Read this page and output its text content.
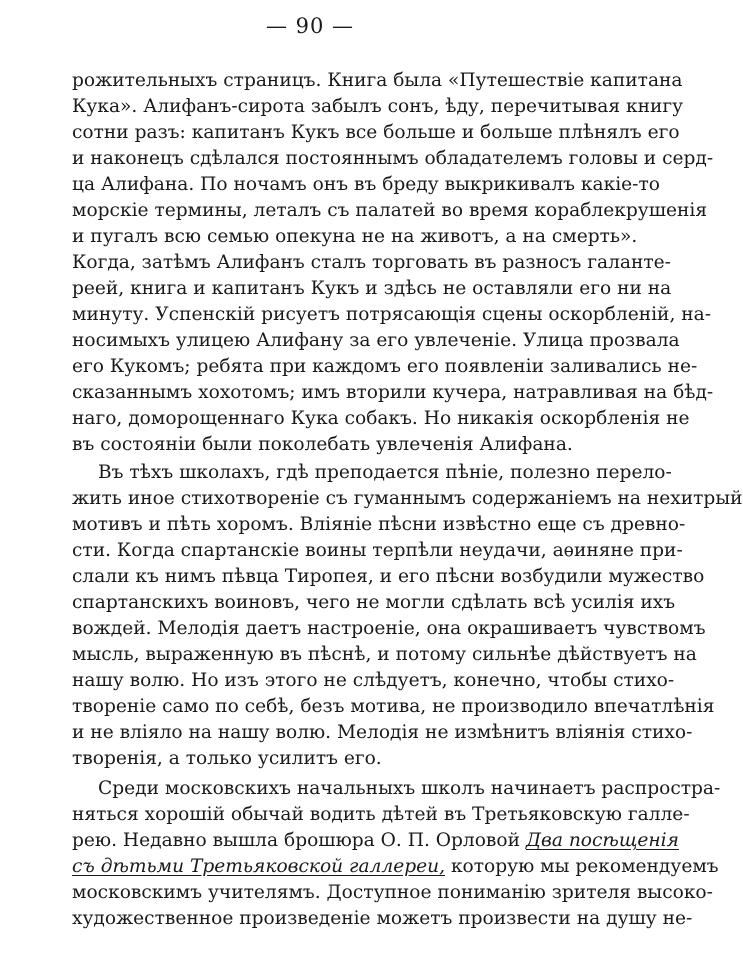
— 90 —
рожительныхъ страницъ. Книга была «Путешествіе капитана
Кука». Алифанъ-сирота забылъ сонъ, ѣду, перечитывая книгу
сотни разъ: капитанъ Кукъ все больше и больше плѣнялъ его
и наконецъ сдѣлался постояннымъ обладателемъ головы и серд-
ца Алифана. По ночамъ онъ въ бреду выкрикивалъ какіе-то
морскіе термины, леталъ съ палатей во время кораблекрушенія
и пугалъ всю семью опекуна не на животъ, а на смерть».
Когда, затѣмъ Алифанъ сталъ торговать въ разносъ галанте-
реей, книга и капитанъ Кукъ и здѣсь не оставляли его ни на
минуту. Успенскій рисуетъ потрясающія сцены оскорбленій, на-
носимыхъ улицею Алифану за его увлеченіе. Улица прозвала
его Кукомъ; ребята при каждомъ его появленіи заливались не-
сказаннымъ хохотомъ; имъ вторили кучера, натравливая на бѣд-
наго, доморощеннаго Кука собакъ. Но никакія оскорбленія не
въ состояніи были поколебать увлеченія Алифана.
Въ тѣхъ школахъ, гдѣ преподается пѣніе, полезно перело-
жить иное стихотвореніе съ гуманнымъ содержаніемъ на нехитрый
мотивъ и пѣть хоромъ. Вліяніе пѣсни извѣстно еще съ древно-
сти. Когда спартанскіе воины терпѣли неудачи, аѳиняне при-
слали къ нимъ пѣвца Тиропея, и его пѣсни возбудили мужество
спартанскихъ воиновъ, чего не могли сдѣлать всѣ усилія ихъ
вождей. Мелодія даетъ настроеніе, она окрашиваетъ чувствомъ
мысль, выраженную въ пѣснѣ, и потому сильнѣе дѣйствуетъ на
нашу волю. Но изъ этого не слѣдуетъ, конечно, чтобы стихо-
твореніе само по себѣ, безъ мотива, не производило впечатлѣнія
и не вліяло на нашу волю. Мелодія не измѣнитъ вліянія стихо-
творенія, а только усилитъ его.
Среди московскихъ начальныхъ школъ начинаетъ распростра-
няться хорошій обычай водить дѣтей въ Третьяковскую галле-
рею. Недавно вышла брошюра О. П. Орловой Два посѣщенія
съ дѣтьми Третьяковской галлереи, которую мы рекомендуемъ
московскимъ учителямъ. Доступное пониманію зрителя высоко-
художественное произведеніе можетъ произвести на душу не-
